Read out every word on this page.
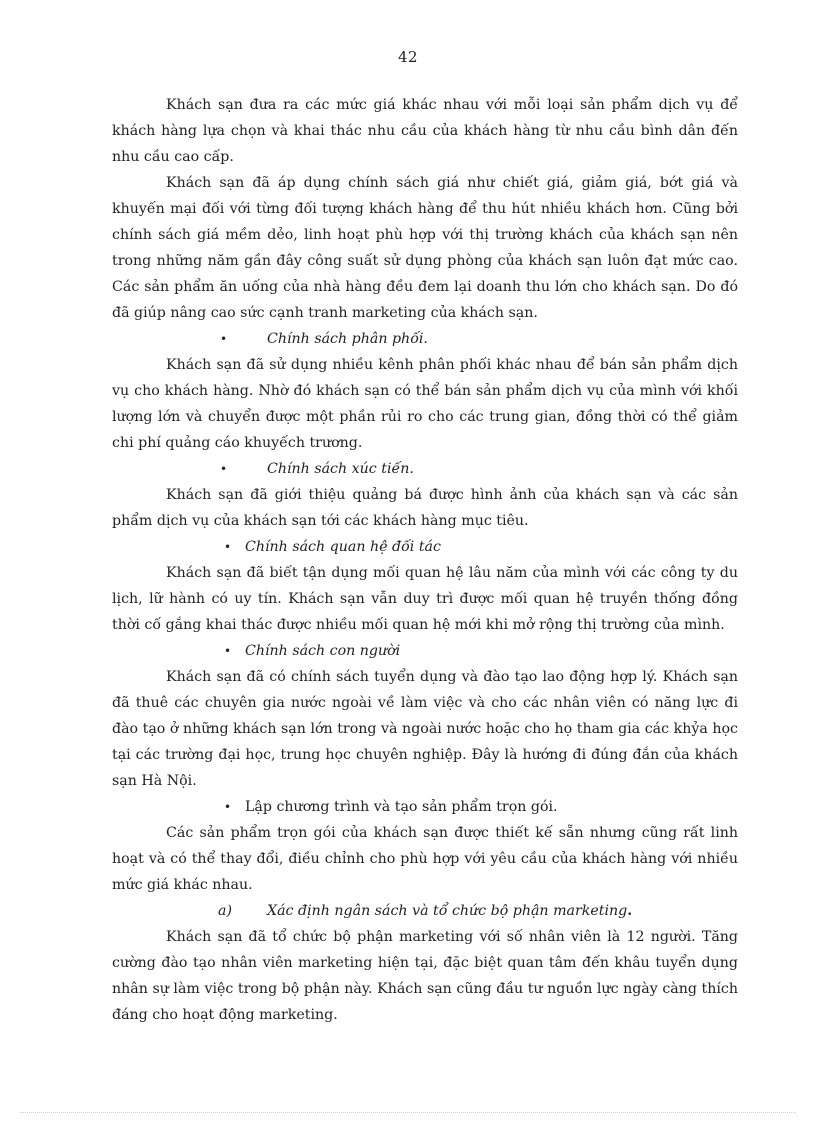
42

Khách sạn đưa ra các mức giá khác nhau với mỗi loại sản phẩm dịch vụ để khách hàng lựa chọn và khai thác nhu cầu của khách hàng từ nhu cầu bình dân đến nhu cầu cao cấp.

Khách sạn đã áp dụng chính sách giá như chiết giá, giảm giá, bớt giá và khuyến mại đối với từng đối tượng khách hàng để thu hút nhiều khách hơn. Cũng bởi chính sách giá mềm dẻo, linh hoạt phù hợp với thị trường khách của khách sạn nên trong những năm gần đây công suất sử dụng phòng của khách sạn luôn đạt mức cao. Các sản phẩm ăn uống của nhà hàng đều đem lại doanh thu lớn cho khách sạn. Do đó đã giúp nâng cao sức cạnh tranh marketing của khách sạn.

•	Chính sách phân phối.

Khách sạn đã sử dụng nhiều kênh phân phối khác nhau để bán sản phẩm dịch vụ cho khách hàng. Nhờ đó khách sạn có thể bán sản phẩm dịch vụ của mình với khối lượng lớn và chuyển được một phần rủi ro cho các trung gian, đồng thời có thể giảm chi phí quảng cáo khuyếch trương.

•	Chính sách xúc tiến.

Khách sạn đã giới thiệu quảng bá được hình ảnh của khách sạn và các sản phẩm dịch vụ của khách sạn tới các khách hàng mục tiêu.

• Chính sách quan hệ đối tác

Khách sạn đã biết tận dụng mối quan hệ lâu năm của mình với các công ty du lịch, lữ hành có uy tín. Khách sạn vẫn duy trì được mối quan hệ truyền thống đồng thời cố gắng khai thác được nhiều mối quan hệ mới khi mở rộng thị trường của mình.

• Chính sách con người

Khách sạn đã có chính sách tuyển dụng và đào tạo lao động hợp lý. Khách sạn đã thuê các chuyên gia nước ngoài về làm việc và cho các nhân viên có năng lực đi đào tạo ở những khách sạn lớn trong và ngoài nước hoặc cho họ tham gia các khỷa học tại các trường đại học, trung học chuyên nghiệp. Đây là hướng đi đúng đắn của khách sạn Hà Nội.

• Lập chương trình và tạo sản phẩm trọn gói.

Các sản phẩm trọn gói của khách sạn được thiết kế sẵn nhưng cũng rất linh hoạt và có thể thay đổi, điều chỉnh cho phù hợp với yêu cầu của khách hàng với nhiều mức giá khác nhau.

a) Xác định ngân sách và tổ chức bộ phận marketing.

Khách sạn đã tổ chức bộ phận marketing với số nhân viên là 12 người. Tăng cường đào tạo nhân viên marketing hiện tại, đặc biệt quan tâm đến khâu tuyển dụng nhân sự làm việc trong bộ phận này. Khách sạn cũng đầu tư nguồn lực ngày càng thích đáng cho hoạt động marketing.
